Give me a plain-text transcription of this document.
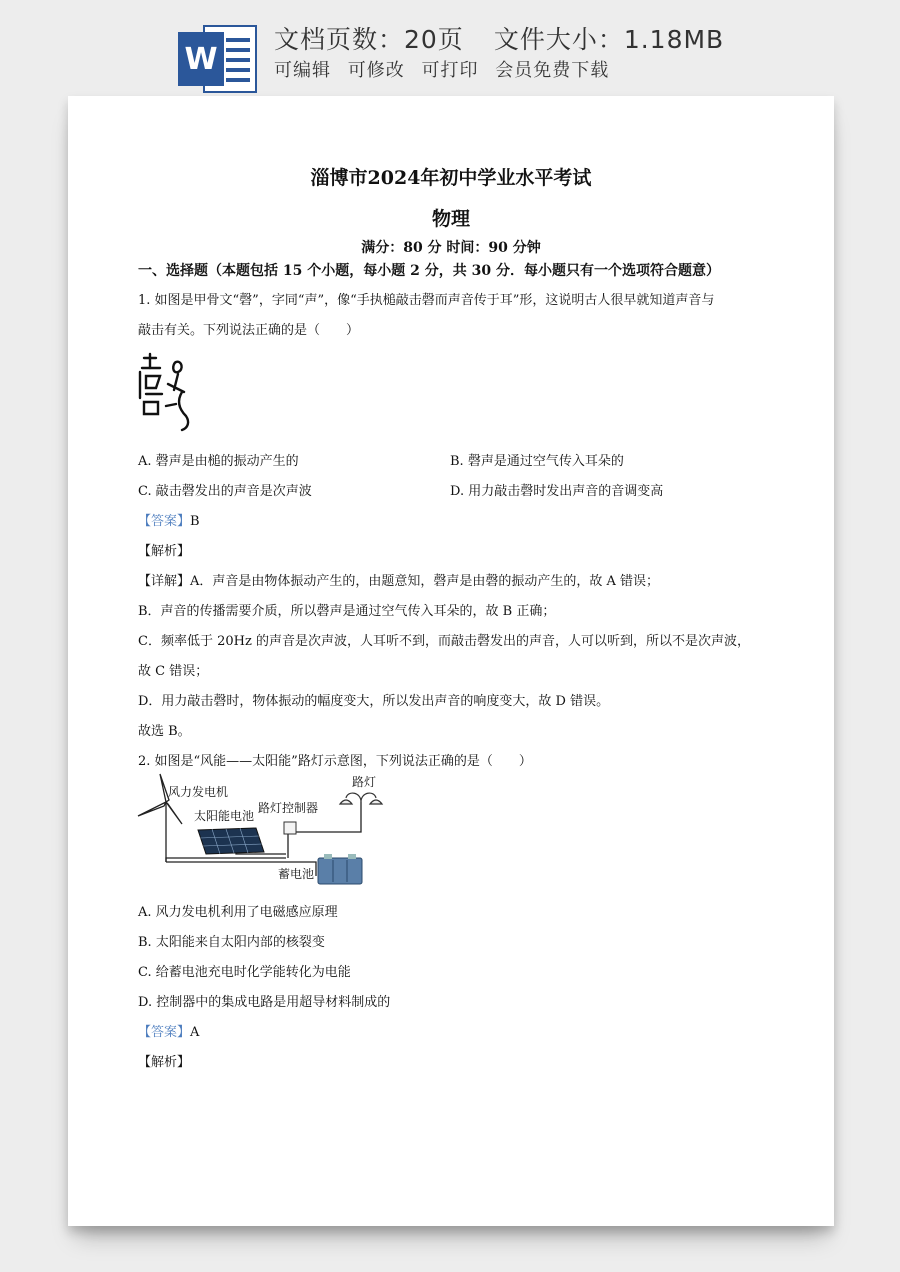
W
文档页数：20页 文件大小：1.18MB
可编辑 可修改 可打印 会员免费下载
淄博市2024年初中学业水平考试
物理
满分：80 分 时间：90 分钟
一、选择题（本题包括 15 个小题，每小题 2 分，共 30 分．每小题只有一个选项符合题意）
1. 如图是甲骨文“磬”，字同“声”，像“手执槌敲击磬而声音传于耳”形，这说明古人很早就知道声音与
敲击有关。下列说法正确的是（　　）
A. 磬声是由槌的振动产生的	B. 磬声是通过空气传入耳朵的
C. 敲击磬发出的声音是次声波	D. 用力敲击磬时发出声音的音调变高
【答案】B
【解析】
【详解】A．声音是由物体振动产生的，由题意知，磬声是由磬的振动产生的，故 A 错误；
B．声音的传播需要介质，所以磬声是通过空气传入耳朵的，故 B 正确；
C．频率低于 20Hz 的声音是次声波，人耳听不到，而敲击磬发出的声音，人可以听到，所以不是次声波，
故 C 错误；
D．用力敲击磬时，物体振动的幅度变大，所以发出声音的响度变大，故 D 错误。
故选 B。
2. 如图是“风能——太阳能”路灯示意图，下列说法正确的是（　　）
风力发电机
太阳能电池
路灯控制器
路灯
蓄电池
A. 风力发电机利用了电磁感应原理
B. 太阳能来自太阳内部的核裂变
C. 给蓄电池充电时化学能转化为电能
D. 控制器中的集成电路是用超导材料制成的
【答案】A
【解析】
